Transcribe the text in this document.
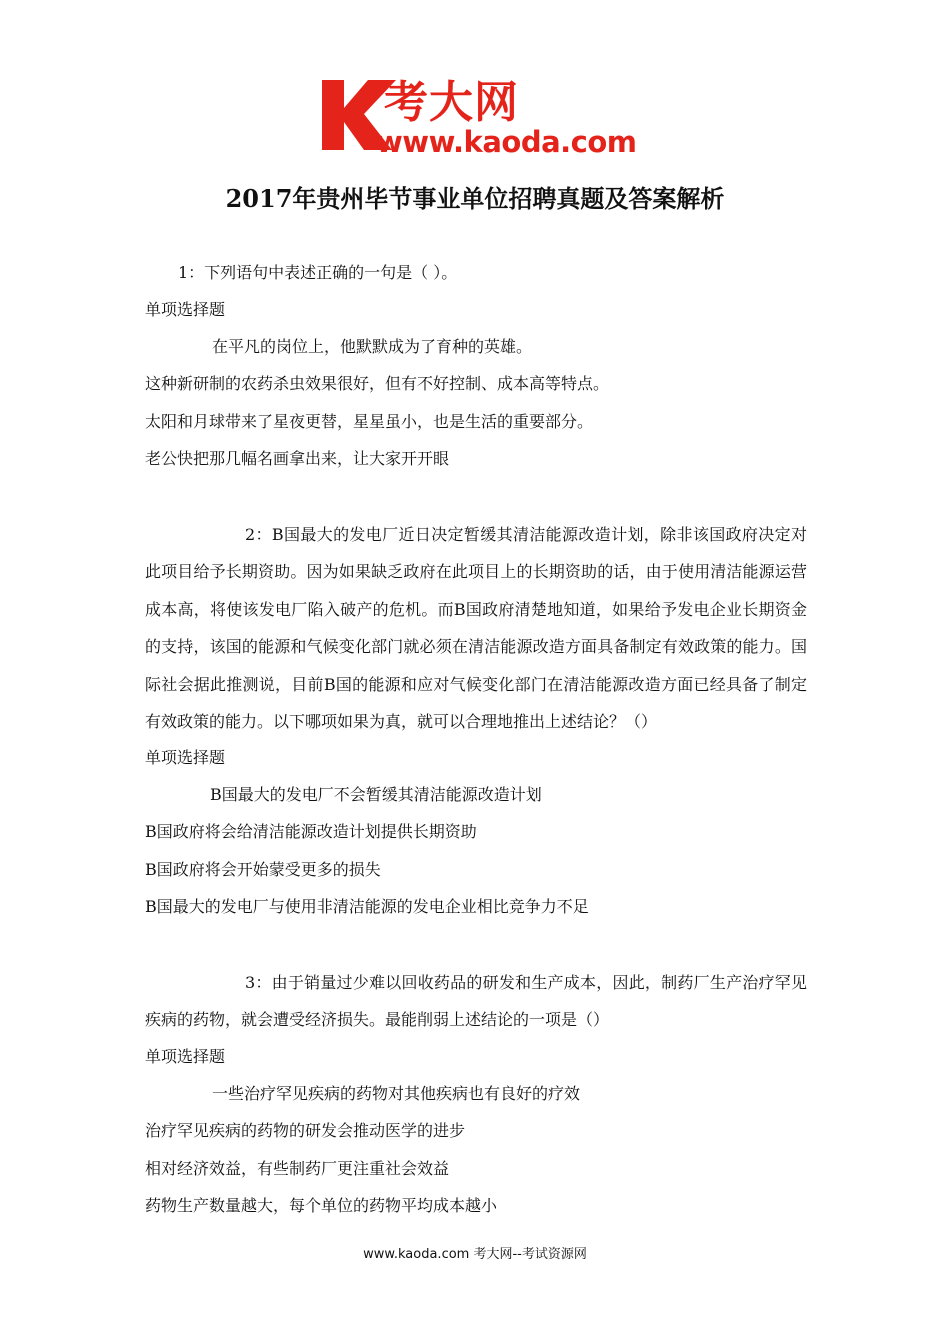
考大网
www.kaoda.com
2017年贵州毕节事业单位招聘真题及答案解析
1：下列语句中表述正确的一句是（ ）。
单项选择题
在平凡的岗位上，他默默成为了育种的英雄。
这种新研制的农药杀虫效果很好，但有不好控制、成本高等特点。
太阳和月球带来了星夜更替，星星虽小，也是生活的重要部分。
老公快把那几幅名画拿出来，让大家开开眼
2：B国最大的发电厂近日决定暂缓其清洁能源改造计划，除非该国政府决定对此项目给予长期资助。因为如果缺乏政府在此项目上的长期资助的话，由于使用清洁能源运营成本高，将使该发电厂陷入破产的危机。而B国政府清楚地知道，如果给予发电企业长期资金的支持，该国的能源和气候变化部门就必须在清洁能源改造方面具备制定有效政策的能力。国际社会据此推测说，目前B国的能源和应对气候变化部门在清洁能源改造方面已经具备了制定有效政策的能力。以下哪项如果为真，就可以合理地推出上述结论？（）
单项选择题
B国最大的发电厂不会暂缓其清洁能源改造计划
B国政府将会给清洁能源改造计划提供长期资助
B国政府将会开始蒙受更多的损失
B国最大的发电厂与使用非清洁能源的发电企业相比竞争力不足
3：由于销量过少难以回收药品的研发和生产成本，因此，制药厂生产治疗罕见疾病的药物，就会遭受经济损失。最能削弱上述结论的一项是（）
单项选择题
一些治疗罕见疾病的药物对其他疾病也有良好的疗效
治疗罕见疾病的药物的研发会推动医学的进步
相对经济效益，有些制药厂更注重社会效益
药物生产数量越大，每个单位的药物平均成本越小
www.kaoda.com 考大网--考试资源网
